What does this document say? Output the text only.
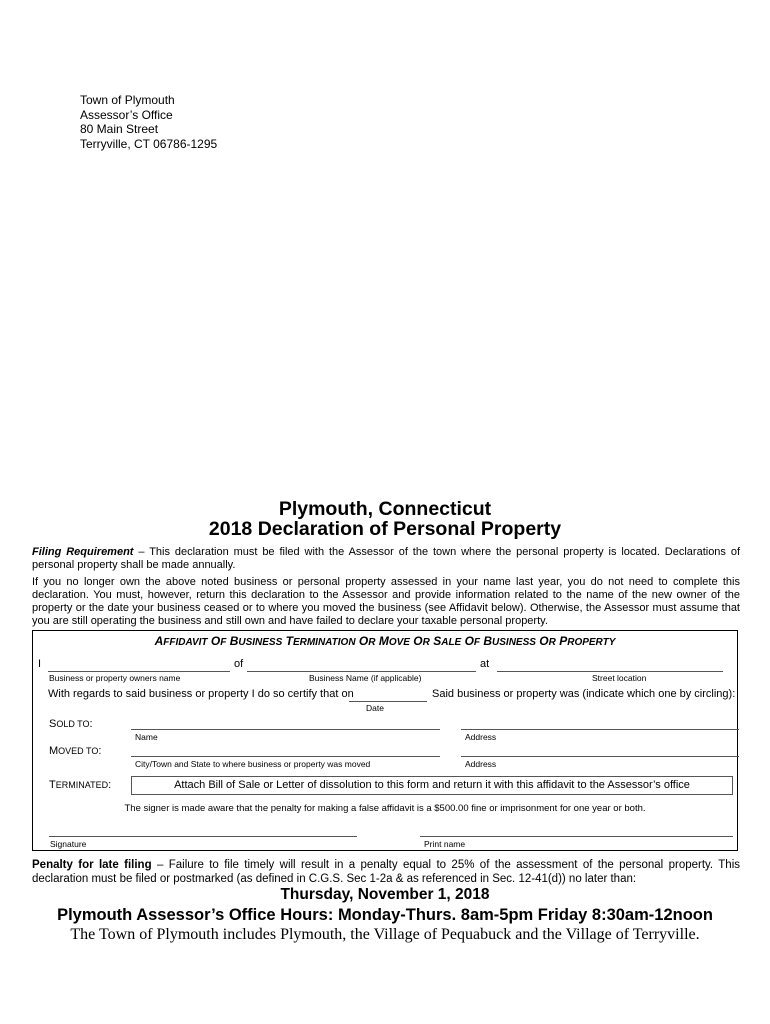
Town of Plymouth
Assessor’s Office
80 Main Street
Terryville, CT 06786-1295
Plymouth, Connecticut
2018 Declaration of Personal Property
Filing Requirement – This declaration must be filed with the Assessor of the town where the personal property is located. Declarations of personal property shall be made annually.
If you no longer own the above noted business or personal property assessed in your name last year, you do not need to complete this declaration. You must, however, return this declaration to the Assessor and provide information related to the name of the new owner of the property or the date your business ceased or to where you moved the business (see Affidavit below). Otherwise, the Assessor must assume that you are still operating the business and still own and have failed to declare your taxable personal property.
AFFIDAVIT OF BUSINESS TERMINATION OR MOVE OR SALE OF BUSINESS OR PROPERTY
I	of	at
Business or property owners name	Business Name (if applicable)	Street location
With regards to said business or property I do so certify that on	Said business or property was (indicate which one by circling):
Date
SOLD TO:
Name	Address
MOVED TO:
City/Town and State to where business or property was moved	Address
TERMINATED:	Attach Bill of Sale or Letter of dissolution to this form and return it with this affidavit to the Assessor’s office
The signer is made aware that the penalty for making a false affidavit is a $500.00 fine or imprisonment for one year or both.
Signature	Print name
Penalty for late filing – Failure to file timely will result in a penalty equal to 25% of the assessment of the personal property. This declaration must be filed or postmarked (as defined in C.G.S. Sec 1-2a & as referenced in Sec. 12-41(d)) no later than:
Thursday, November 1, 2018
Plymouth Assessor’s Office Hours: Monday-Thurs. 8am-5pm Friday 8:30am-12noon
The Town of Plymouth includes Plymouth, the Village of Pequabuck and the Village of Terryville.
